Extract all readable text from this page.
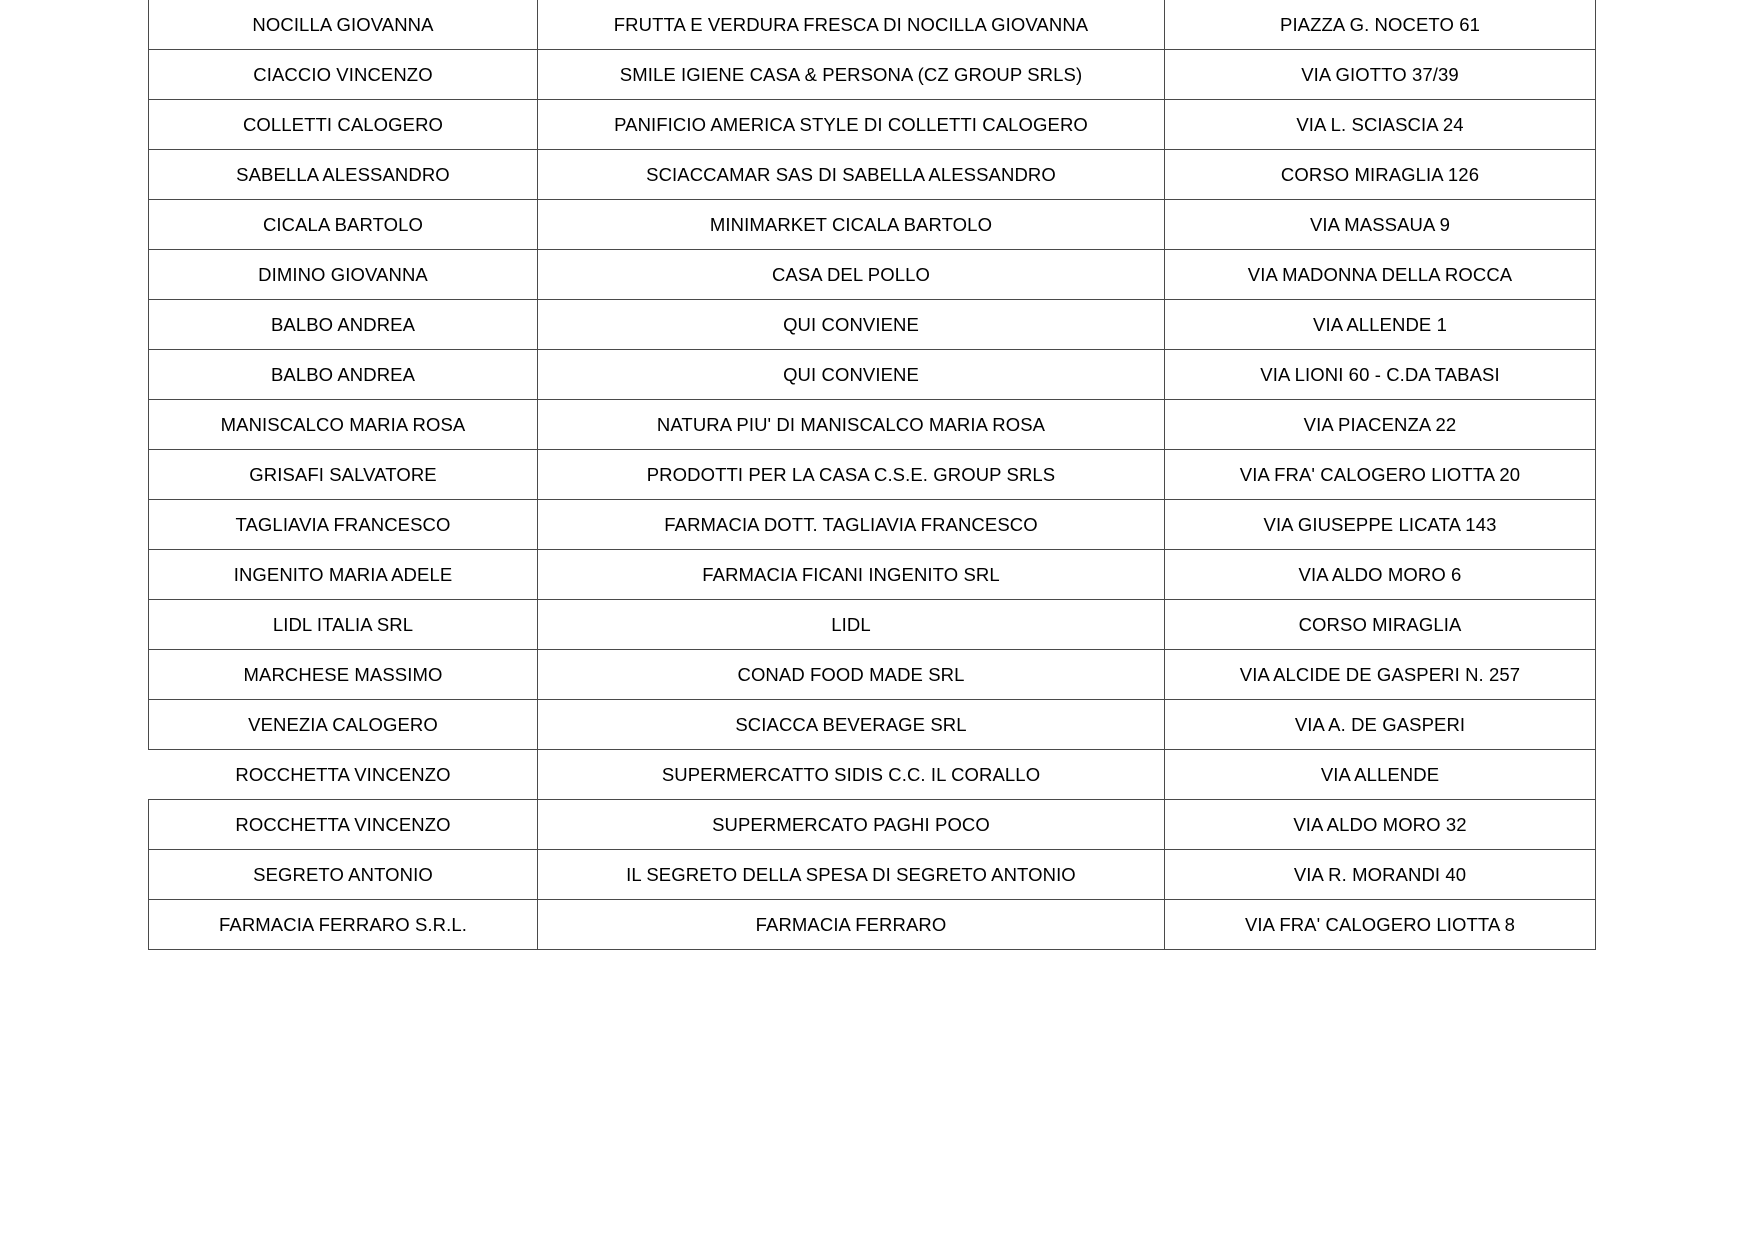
NOCILLA GIOVANNA	FRUTTA E VERDURA FRESCA DI NOCILLA GIOVANNA	PIAZZA G. NOCETO 61
CIACCIO VINCENZO	SMILE IGIENE CASA & PERSONA (CZ GROUP SRLS)	VIA GIOTTO 37/39
COLLETTI CALOGERO	PANIFICIO AMERICA STYLE DI COLLETTI CALOGERO	VIA L. SCIASCIA 24
SABELLA ALESSANDRO	SCIACCAMAR SAS DI SABELLA ALESSANDRO	CORSO MIRAGLIA 126
CICALA BARTOLO	MINIMARKET CICALA BARTOLO	VIA MASSAUA 9
DIMINO GIOVANNA	CASA DEL POLLO	VIA MADONNA DELLA ROCCA
BALBO ANDREA	QUI CONVIENE	VIA ALLENDE 1
BALBO ANDREA	QUI CONVIENE	VIA LIONI 60 - C.DA TABASI
MANISCALCO MARIA ROSA	NATURA PIU' DI MANISCALCO MARIA ROSA	VIA PIACENZA 22
GRISAFI SALVATORE	PRODOTTI PER LA CASA C.S.E. GROUP SRLS	VIA FRA' CALOGERO LIOTTA 20
TAGLIAVIA FRANCESCO	FARMACIA DOTT. TAGLIAVIA FRANCESCO	VIA GIUSEPPE LICATA 143
INGENITO MARIA ADELE	FARMACIA FICANI INGENITO SRL	VIA ALDO MORO 6
LIDL ITALIA SRL	LIDL	CORSO MIRAGLIA
MARCHESE MASSIMO	CONAD FOOD MADE SRL	VIA ALCIDE DE GASPERI N. 257
VENEZIA CALOGERO	SCIACCA BEVERAGE SRL	VIA A. DE GASPERI
ROCCHETTA VINCENZO	SUPERMERCATTO SIDIS C.C. IL CORALLO	VIA ALLENDE
ROCCHETTA VINCENZO	SUPERMERCATO PAGHI POCO	VIA ALDO MORO 32
SEGRETO ANTONIO	IL SEGRETO DELLA SPESA DI SEGRETO ANTONIO	VIA R. MORANDI 40
FARMACIA FERRARO S.R.L.	FARMACIA FERRARO	VIA FRA' CALOGERO LIOTTA 8
